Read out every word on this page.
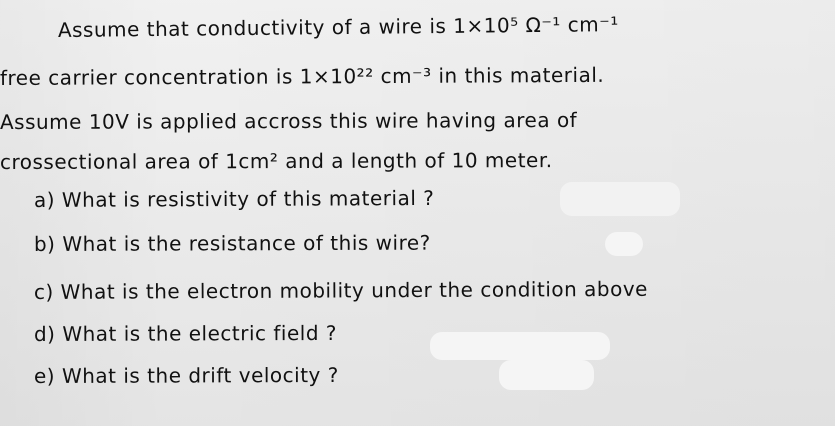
Assume that conductivity of a wire is 1×10⁵ Ω⁻¹ cm⁻¹
free carrier concentration is 1×10²² cm⁻³ in this material.
Assume 10V is applied accross this wire having area of
crossectional area of 1cm² and a length of 10 meter.
a) What is resistivity of this material ?
b) What is the resistance of this wire?
c) What is the electron mobility under the condition above
d) What is the electric field ?
e) What is the drift velocity ?
